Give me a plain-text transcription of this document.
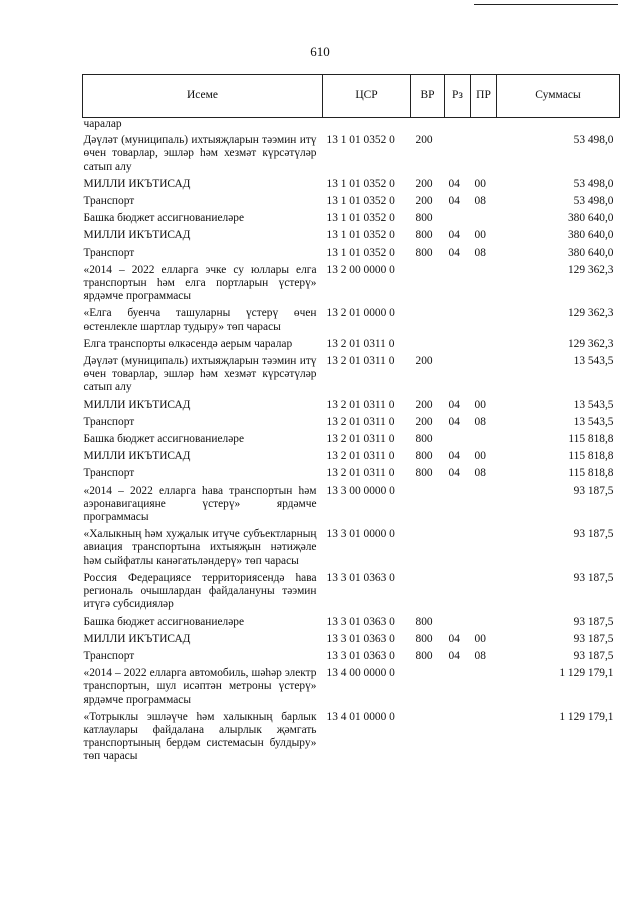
610
Исеме	ЦСР	ВР	Рз	ПР	Суммасы
чаралар					
Дәүләт (муниципаль) ихтыяҗларын тәэмин итү өчен товарлар, эшләр һәм хезмәт күрсәтүләр сатып алу	13 1 01 0352 0	200			53 498,0
МИЛЛИ ИКЪТИСАД	13 1 01 0352 0	200	04	00	53 498,0
Транспорт	13 1 01 0352 0	200	04	08	53 498,0
Башка бюджет ассигнованиеләре	13 1 01 0352 0	800			380 640,0
МИЛЛИ ИКЪТИСАД	13 1 01 0352 0	800	04	00	380 640,0
Транспорт	13 1 01 0352 0	800	04	08	380 640,0
«2014 – 2022 елларга эчке су юллары елга транспортын һәм елга портларын үстерү» ярдәмче программасы	13 2 00 0000 0				129 362,3
«Елга буенча ташуларны үстерү өчен өстенлекле шартлар тудыру» төп чарасы	13 2 01 0000 0				129 362,3
Елга транспорты өлкәсендә аерым чаралар	13 2 01 0311 0				129 362,3
Дәүләт (муниципаль) ихтыяҗларын тәэмин итү өчен товарлар, эшләр һәм хезмәт күрсәтүләр сатып алу	13 2 01 0311 0	200			13 543,5
МИЛЛИ ИКЪТИСАД	13 2 01 0311 0	200	04	00	13 543,5
Транспорт	13 2 01 0311 0	200	04	08	13 543,5
Башка бюджет ассигнованиеләре	13 2 01 0311 0	800			115 818,8
МИЛЛИ ИКЪТИСАД	13 2 01 0311 0	800	04	00	115 818,8
Транспорт	13 2 01 0311 0	800	04	08	115 818,8
«2014 – 2022 елларга һава транспортын һәм аэронавигацияне үстерү» ярдәмче программасы	13 3 00 0000 0				93 187,5
«Халыкның һәм хуҗалык итүче субъектларның авиация транспортына ихтыяҗын нәтиҗәле һәм сыйфатлы канәгатьләндерү» төп чарасы	13 3 01 0000 0				93 187,5
Россия Федерациясе территориясендә һава региональ очышлардан файдалануны тәэмин итүгә субсидияләр	13 3 01 0363 0				93 187,5
Башка бюджет ассигнованиеләре	13 3 01 0363 0	800			93 187,5
МИЛЛИ ИКЪТИСАД	13 3 01 0363 0	800	04	00	93 187,5
Транспорт	13 3 01 0363 0	800	04	08	93 187,5
«2014 – 2022 елларга автомобиль, шәһәр электр транспортын, шул исәптән метроны үстерү» ярдәмче программасы	13 4 00 0000 0				1 129 179,1
«Тотрыклы эшләүче һәм халыкның барлык катлаулары файдалана алырлык җәмгать транспортының бердәм системасын булдыру» төп чарасы	13 4 01 0000 0				1 129 179,1
